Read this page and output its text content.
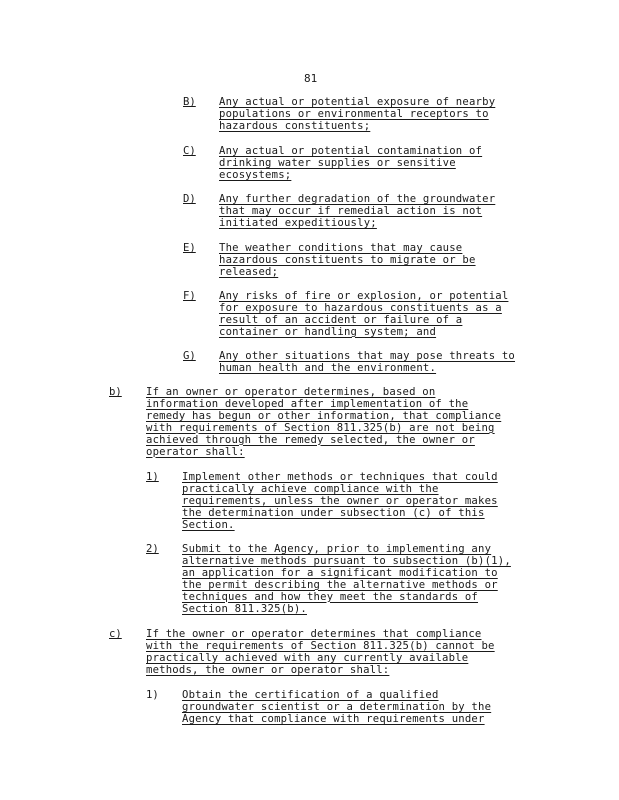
81
B) Any actual or potential exposure of nearby
populations or environmental receptors to
hazardous constituents;
C) Any actual or potential contamination of
drinking water supplies or sensitive
ecosystems;
D) Any further degradation of the groundwater
that may occur if remedial action is not
initiated expeditiously;
E) The weather conditions that may cause
hazardous constituents to migrate or be
released;
F) Any risks of fire or explosion, or potential
for exposure to hazardous constituents as a
result of an accident or failure of a
container or handling system; and
G) Any other situations that may pose threats to
human health and the environment.
b) If an owner or operator determines, based on
information developed after implementation of the
remedy has begun or other information, that compliance
with requirements of Section 811.325(b) are not being
achieved through the remedy selected, the owner or
operator shall:
1) Implement other methods or techniques that could
practically achieve compliance with the
requirements, unless the owner or operator makes
the determination under subsection (c) of this
Section.
2) Submit to the Agency, prior to implementing any
alternative methods pursuant to subsection (b)(1),
an application for a significant modification to
the permit describing the alternative methods or
techniques and how they meet the standards of
Section 811.325(b).
c) If the owner or operator determines that compliance
with the requirements of Section 811.325(b) cannot be
practically achieved with any currently available
methods, the owner or operator shall:
1) Obtain the certification of a qualified
groundwater scientist or a determination by the
Agency that compliance with requirements under
